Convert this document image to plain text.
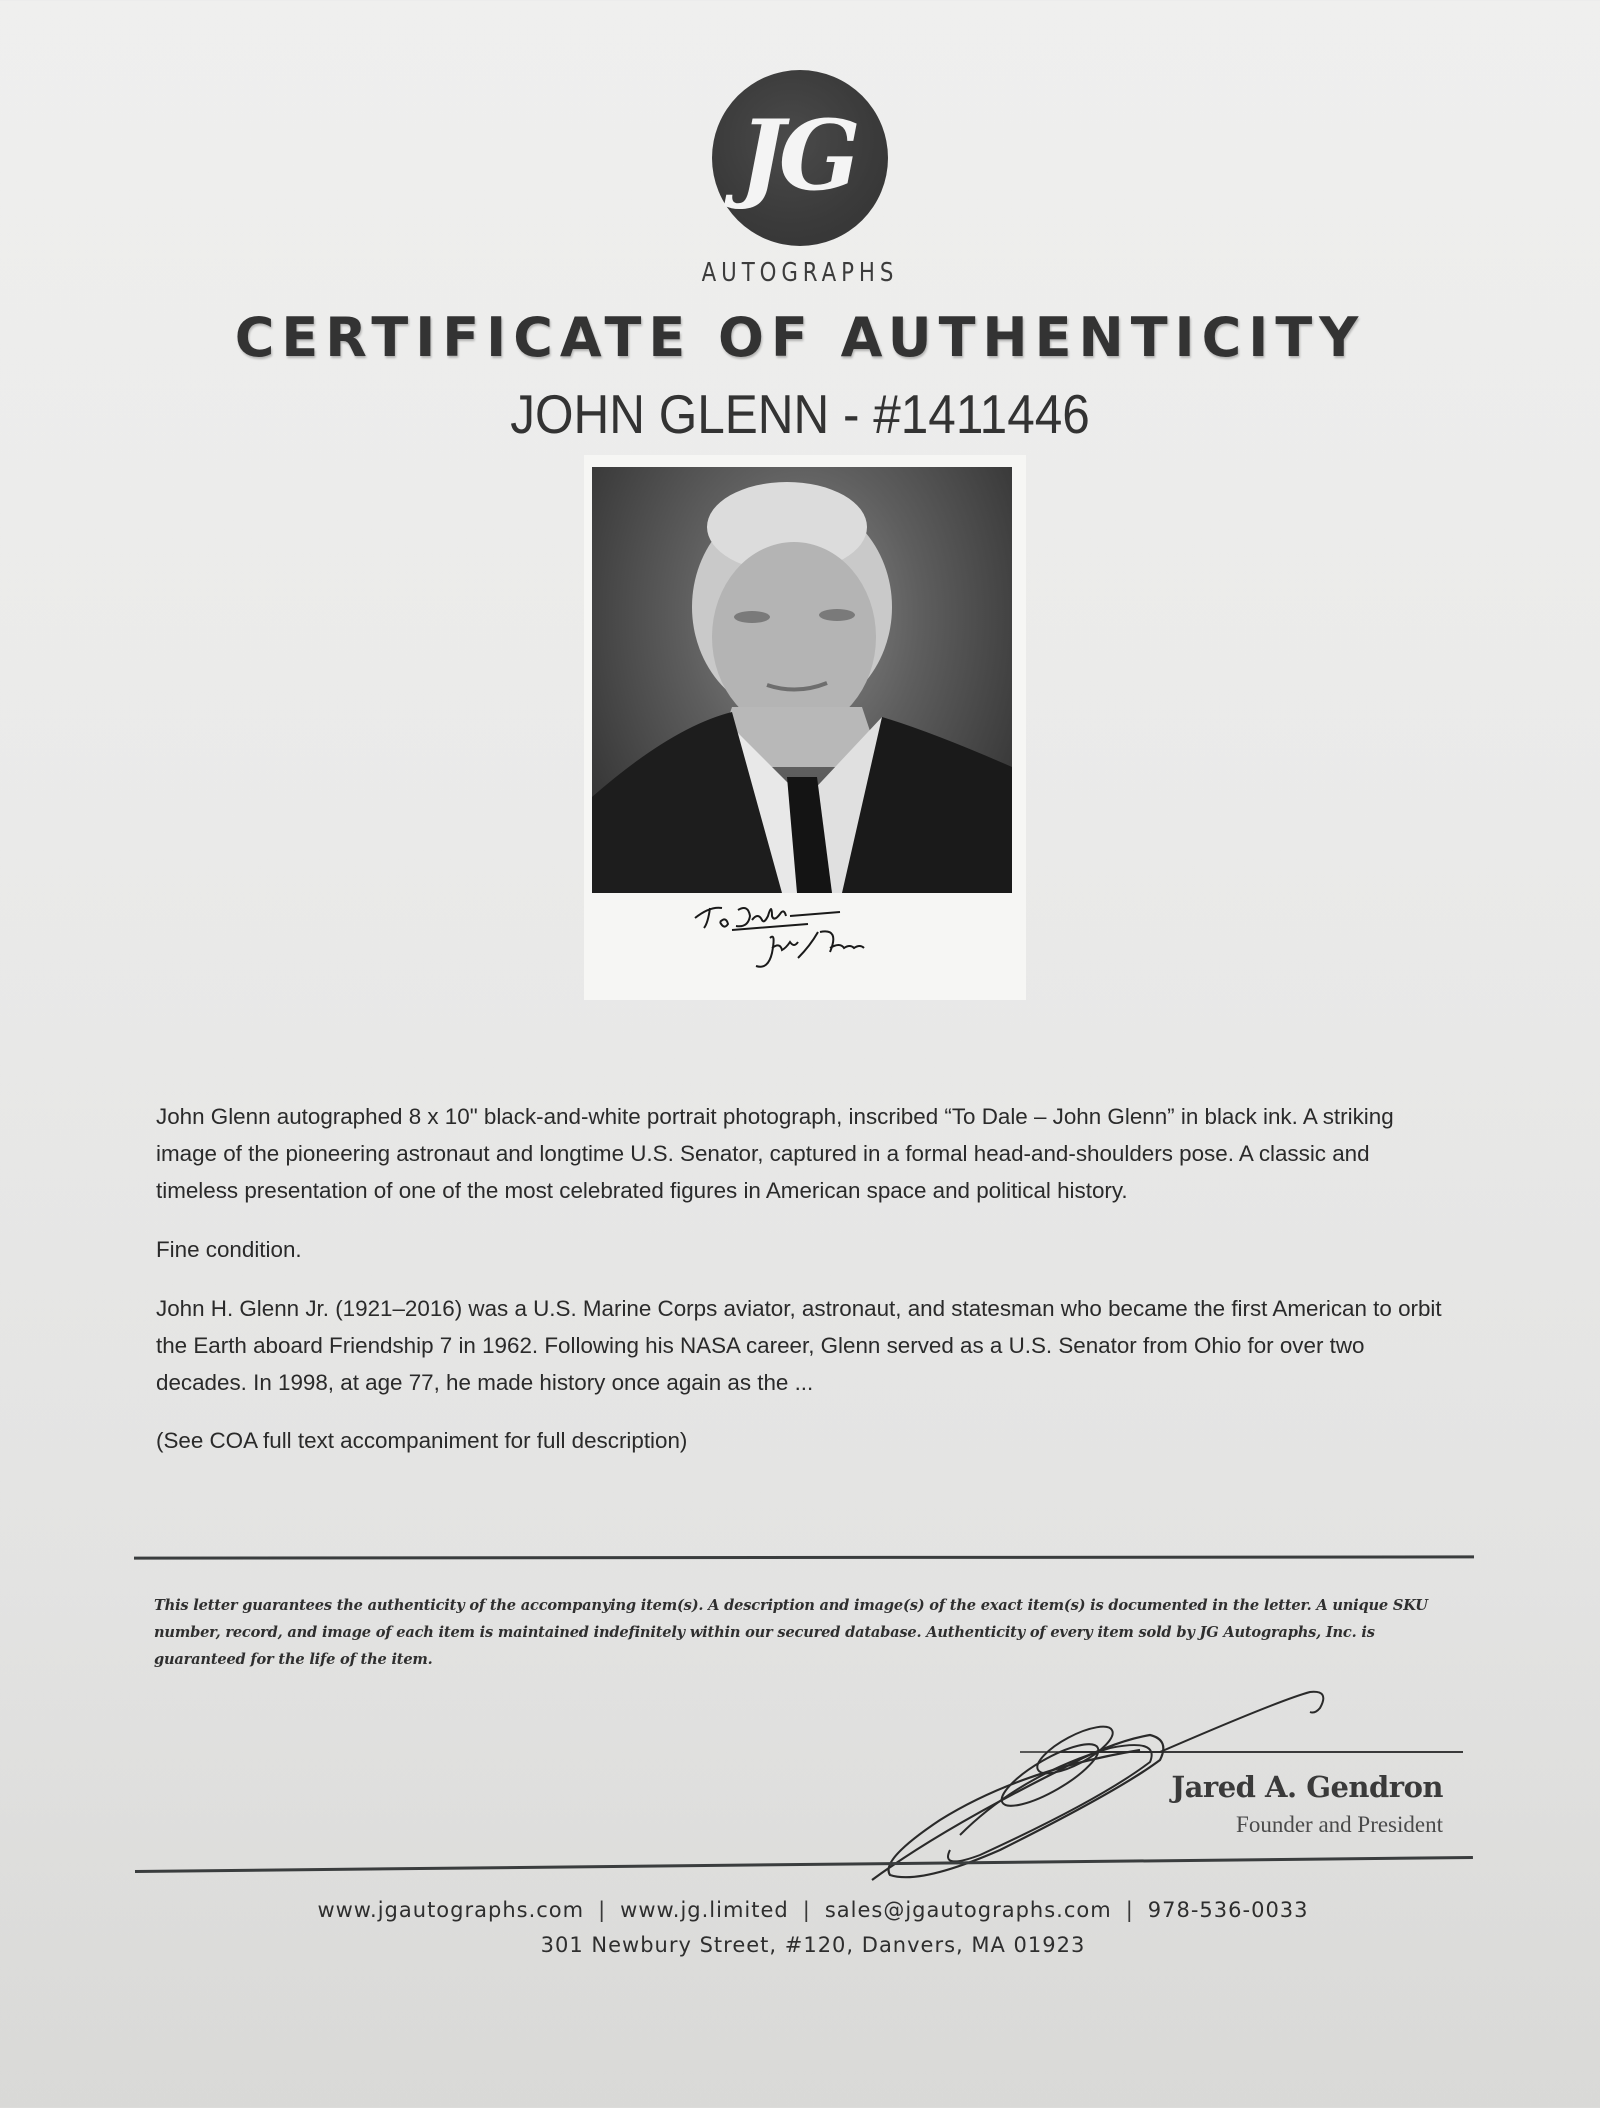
JG
AUTOGRAPHS
CERTIFICATE OF AUTHENTICITY
JOHN GLENN - #1411446

John Glenn autographed 8 x 10" black-and-white portrait photograph, inscribed “To Dale – John Glenn” in black ink. A striking image of the pioneering astronaut and longtime U.S. Senator, captured in a formal head-and-shoulders pose. A classic and timeless presentation of one of the most celebrated figures in American space and political history.

Fine condition.

John H. Glenn Jr. (1921–2016) was a U.S. Marine Corps aviator, astronaut, and statesman who became the first American to orbit the Earth aboard Friendship 7 in 1962. Following his NASA career, Glenn served as a U.S. Senator from Ohio for over two decades. In 1998, at age 77, he made history once again as the ...

(See COA full text accompaniment for full description)

This letter guarantees the authenticity of the accompanying item(s). A description and image(s) of the exact item(s) is documented in the letter. A unique SKU number, record, and image of each item is maintained indefinitely within our secured database. Authenticity of every item sold by JG Autographs, Inc. is guaranteed for the life of the item.

Jared A. Gendron
Founder and President
www.jgautographs.com | www.jg.limited | sales@jgautographs.com | 978-536-0033
301 Newbury Street, #120, Danvers, MA 01923
